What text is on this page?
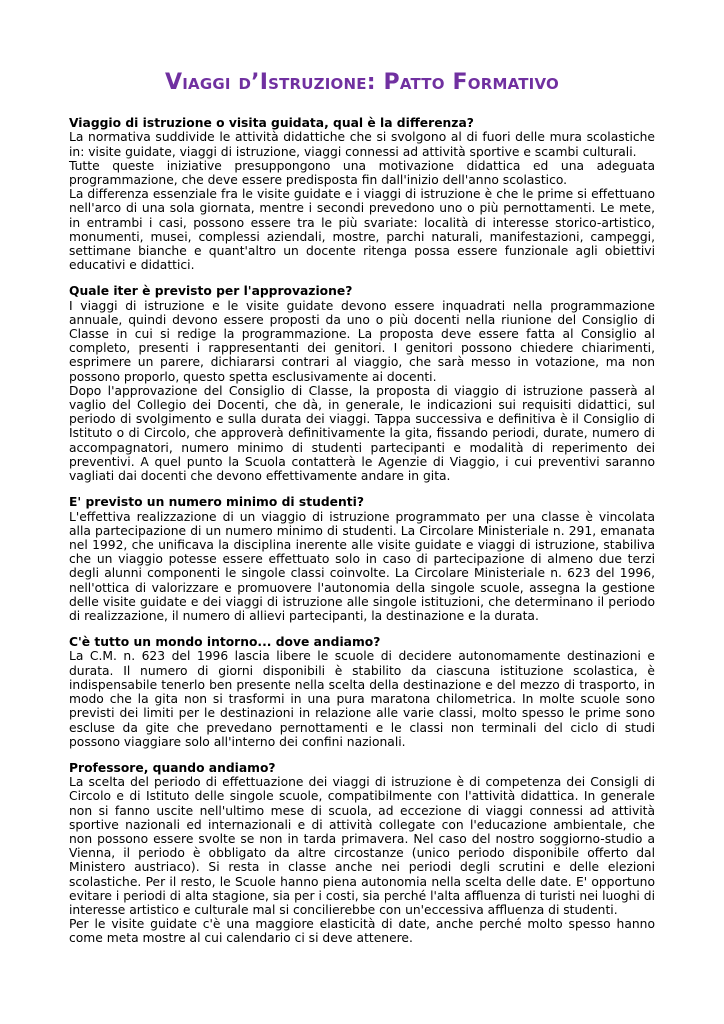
Viaggi d’Istruzione: Patto Formativo

Viaggio di istruzione o visita guidata, qual è la differenza?

La normativa suddivide le attività didattiche che si svolgono al di fuori delle mura scolastiche in: visite guidate, viaggi di istruzione, viaggi connessi ad attività sportive e scambi culturali.

Tutte queste iniziative presuppongono una motivazione didattica ed una adeguata programmazione, che deve essere predisposta fin dall'inizio dell'anno scolastico.

La differenza essenziale fra le visite guidate e i viaggi di istruzione è che le prime si effettuano nell'arco di una sola giornata, mentre i secondi prevedono uno o più pernottamenti. Le mete, in entrambi i casi, possono essere tra le più svariate: località di interesse storico-artistico, monumenti, musei, complessi aziendali, mostre, parchi naturali, manifestazioni, campeggi, settimane bianche e quant'altro un docente ritenga possa essere funzionale agli obiettivi educativi e didattici.

Quale iter è previsto per l'approvazione?

I viaggi di istruzione e le visite guidate devono essere inquadrati nella programmazione annuale, quindi devono essere proposti da uno o più docenti nella riunione del Consiglio di Classe in cui si redige la programmazione. La proposta deve essere fatta al Consiglio al completo, presenti i rappresentanti dei genitori. I genitori possono chiedere chiarimenti, esprimere un parere, dichiararsi contrari al viaggio, che sarà messo in votazione, ma non possono proporlo, questo spetta esclusivamente ai docenti.

Dopo l'approvazione del Consiglio di Classe, la proposta di viaggio di istruzione passerà al vaglio del Collegio dei Docenti, che dà, in generale, le indicazioni sui requisiti didattici, sul periodo di svolgimento e sulla durata dei viaggi. Tappa successiva e definitiva è il Consiglio di Istituto o di Circolo, che approverà definitivamente la gita, fissando periodi, durate, numero di accompagnatori, numero minimo di studenti partecipanti e modalità di reperimento dei preventivi. A quel punto la Scuola contatterà le Agenzie di Viaggio, i cui preventivi saranno vagliati dai docenti che devono effettivamente andare in gita.

E' previsto un numero minimo di studenti?

L'effettiva realizzazione di un viaggio di istruzione programmato per una classe è vincolata alla partecipazione di un numero minimo di studenti. La Circolare Ministeriale n. 291, emanata nel 1992, che unificava la disciplina inerente alle visite guidate e viaggi di istruzione, stabiliva che un viaggio potesse essere effettuato solo in caso di partecipazione di almeno due terzi degli alunni componenti le singole classi coinvolte. La Circolare Ministeriale n. 623 del 1996, nell'ottica di valorizzare e promuovere l'autonomia della singole scuole, assegna la gestione delle visite guidate e dei viaggi di istruzione alle singole istituzioni, che determinano il periodo di realizzazione, il numero di allievi partecipanti, la destinazione e la durata.

C'è tutto un mondo intorno... dove andiamo?

La C.M. n. 623 del 1996 lascia libere le scuole di decidere autonomamente destinazioni e durata. Il numero di giorni disponibili è stabilito da ciascuna istituzione scolastica, è indispensabile tenerlo ben presente nella scelta della destinazione e del mezzo di trasporto, in modo che la gita non si trasformi in una pura maratona chilometrica. In molte scuole sono previsti dei limiti per le destinazioni in relazione alle varie classi, molto spesso le prime sono escluse da gite che prevedano pernottamenti e le classi non terminali del ciclo di studi possono viaggiare solo all'interno dei confini nazionali.

Professore, quando andiamo?

La scelta del periodo di effettuazione dei viaggi di istruzione è di competenza dei Consigli di Circolo e di Istituto delle singole scuole, compatibilmente con l'attività didattica. In generale non si fanno uscite nell'ultimo mese di scuola, ad eccezione di viaggi connessi ad attività sportive nazionali ed internazionali e di attività collegate con l'educazione ambientale, che non possono essere svolte se non in tarda primavera. Nel caso del nostro soggiorno-studio a Vienna, il periodo è obbligato da altre circostanze (unico periodo disponibile offerto dal Ministero austriaco). Si resta in classe anche nei periodi degli scrutini e delle elezioni scolastiche. Per il resto, le Scuole hanno piena autonomia nella scelta delle date. E' opportuno evitare i periodi di alta stagione, sia per i costi, sia perché l'alta affluenza di turisti nei luoghi di interesse artistico e culturale mal si concilierebbe con un'eccessiva affluenza di studenti.

Per le visite guidate c'è una maggiore elasticità di date, anche perché molto spesso hanno come meta mostre al cui calendario ci si deve attenere.
